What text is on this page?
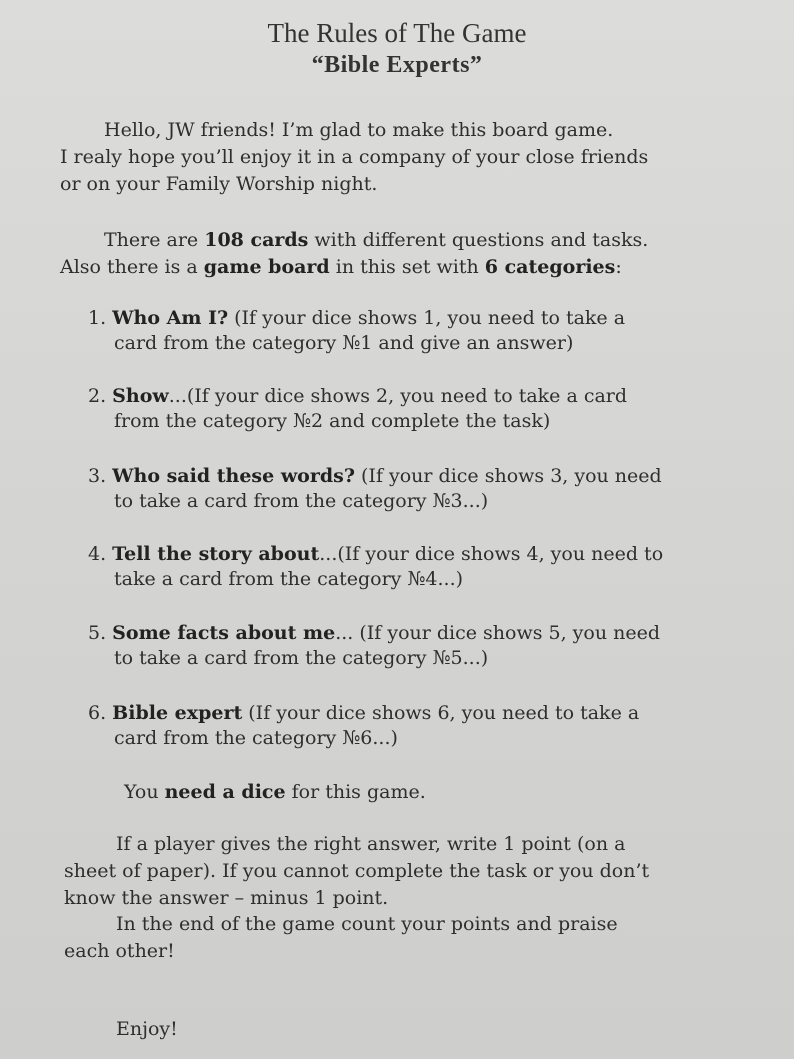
The Rules of The Game
“Bible Experts”
Hello, JW friends! I’m glad to make this board game.
I realy hope you’ll enjoy it in a company of your close friends
or on your Family Worship night.
There are 108 cards with different questions and tasks.
Also there is a game board in this set with 6 categories:
1. Who Am I? (If your dice shows 1, you need to take a
card from the category №1 and give an answer)
2. Show...(If your dice shows 2, you need to take a card
from the category №2 and complete the task)
3. Who said these words? (If your dice shows 3, you need
to take a card from the category №3...)
4. Tell the story about...(If your dice shows 4, you need to
take a card from the category №4...)
5. Some facts about me... (If your dice shows 5, you need
to take a card from the category №5...)
6. Bible expert (If your dice shows 6, you need to take a
card from the category №6...)
You need a dice for this game.
If a player gives the right answer, write 1 point (on a
sheet of paper). If you cannot complete the task or you don’t
know the answer – minus 1 point.
In the end of the game count your points and praise
each other!
Enjoy!
